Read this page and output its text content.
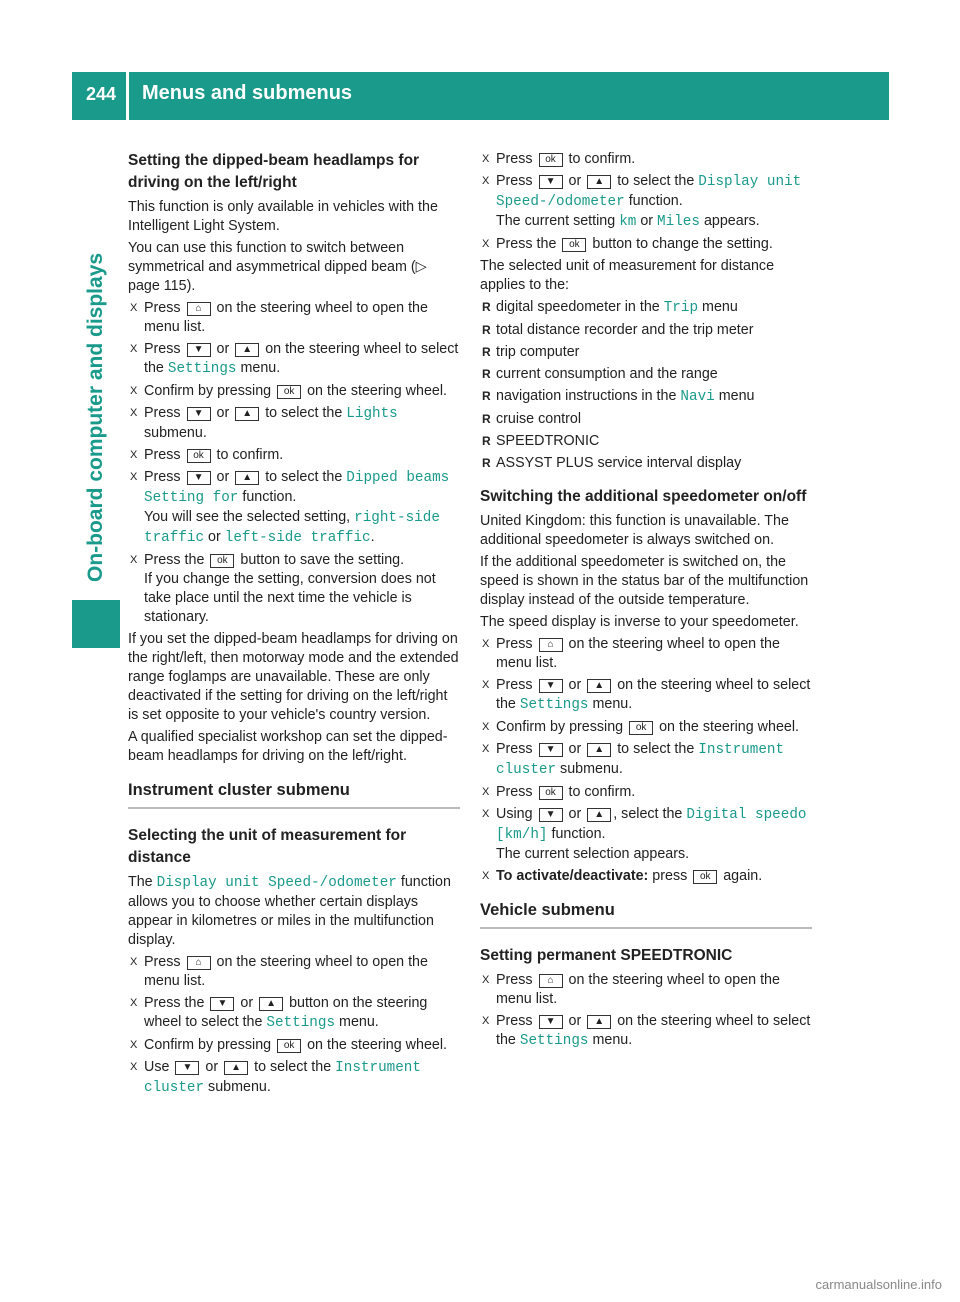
244 Menus and submenus
On-board computer and displays
Setting the dipped-beam headlamps for driving on the left/right

This function is only available in vehicles with the Intelligent Light System.

You can use this function to switch between symmetrical and asymmetrical dipped beam (▷ page 115).

X Press ⌂ on the steering wheel to open the menu list.
X Press ▼ or ▲ on the steering wheel to select the Settings menu.
X Confirm by pressing ok on the steering wheel.
X Press ▼ or ▲ to select the Lights submenu.
X Press ok to confirm.
X Press ▼ or ▲ to select the Dipped beams Setting for function.
You will see the selected setting, right-side traffic or left-side traffic.
X Press the ok button to save the setting.
If you change the setting, conversion does not take place until the next time the vehicle is stationary.

If you set the dipped-beam headlamps for driving on the right/left, then motorway mode and the extended range foglamps are unavailable. These are only deactivated if the setting for driving on the left/right is set opposite to your vehicle's country version.

A qualified specialist workshop can set the dipped-beam headlamps for driving on the left/right.

Instrument cluster submenu
Selecting the unit of measurement for distance

The Display unit Speed-/odometer function allows you to choose whether certain displays appear in kilometres or miles in the multifunction display.

X Press ⌂ on the steering wheel to open the menu list.
X Press the ▼ or ▲ button on the steering wheel to select the Settings menu.
X Confirm by pressing ok on the steering wheel.
X Use ▼ or ▲ to select the Instrument cluster submenu.
X Press ok to confirm.
X Press ▼ or ▲ to select the Display unit Speed-/odometer function.
The current setting km or Miles appears.
X Press the ok button to change the setting.

The selected unit of measurement for distance applies to the:

R digital speedometer in the Trip menu
R total distance recorder and the trip meter
R trip computer
R current consumption and the range
R navigation instructions in the Navi menu
R cruise control
R SPEEDTRONIC
R ASSYST PLUS service interval display
Switching the additional speedometer on/off

United Kingdom: this function is unavailable. The additional speedometer is always switched on.

If the additional speedometer is switched on, the speed is shown in the status bar of the multifunction display instead of the outside temperature.

The speed display is inverse to your speedometer.

X Press ⌂ on the steering wheel to open the menu list.
X Press ▼ or ▲ on the steering wheel to select the Settings menu.
X Confirm by pressing ok on the steering wheel.
X Press ▼ or ▲ to select the Instrument cluster submenu.
X Press ok to confirm.
X Using ▼ or ▲ , select the Digital speedo [km/h] function.
The current selection appears.
X To activate/deactivate: press ok again.
Vehicle submenu
Setting permanent SPEEDTRONIC
X Press ⌂ on the steering wheel to open the menu list.
X Press ▼ or ▲ on the steering wheel to select the Settings menu.
carmanualsonline.info
